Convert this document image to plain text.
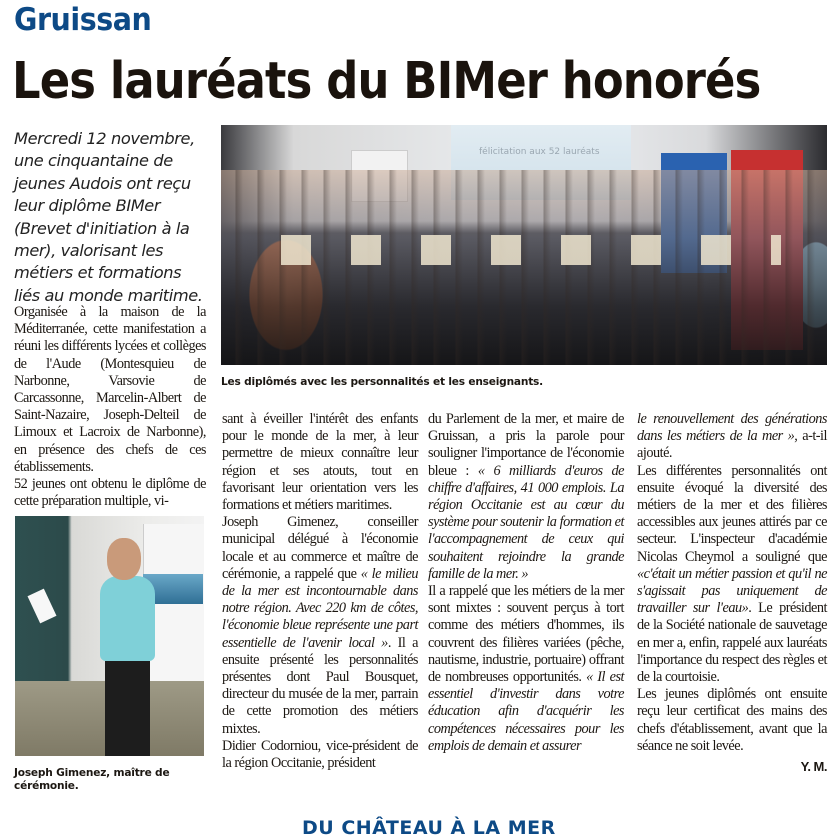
Gruissan
Les lauréats du BIMer honorés
Mercredi 12 novembre, une cinquantaine de jeunes Audois ont reçu leur diplôme BIMer (Brevet d'initiation à la mer), valorisant les métiers et formations liés au monde maritime.
félicitation aux 52 lauréats
Les diplômés avec les personnalités et les enseignants.

Organisée à la maison de la Méditerranée, cette manifestation a réuni les différents lycées et collèges de l'Aude (Montesquieu de Narbonne, Varsovie de Carcassonne, Marcelin-Albert de Saint-Nazaire, Joseph-Delteil de Limoux et Lacroix de Narbonne), en présence des chefs de ces établissements.

52 jeunes ont obtenu le diplôme de cette préparation multiple, vi-

Joseph Gimenez, maître de cérémonie.

sant à éveiller l'intérêt des enfants pour le monde de la mer, à leur permettre de mieux connaître leur région et ses atouts, tout en favorisant leur orientation vers les formations et métiers maritimes.

Joseph Gimenez, conseiller municipal délégué à l'économie locale et au commerce et maître de cérémonie, a rappelé que « le milieu de la mer est incontournable dans notre région. Avec 220 km de côtes, l'économie bleue représente une part essentielle de l'avenir local ». Il a ensuite présenté les personnalités présentes dont Paul Bousquet, directeur du musée de la mer, parrain de cette promotion des métiers mixtes.

Didier Codorniou, vice-président de la région Occitanie, président

du Parlement de la mer, et maire de Gruissan, a pris la parole pour souligner l'importance de l'économie bleue : « 6 milliards d'euros de chiffre d'affaires, 41 000 emplois. La région Occitanie est au cœur du système pour soutenir la formation et l'accompagnement de ceux qui souhaitent rejoindre la grande famille de la mer. »

Il a rappelé que les métiers de la mer sont mixtes : souvent perçus à tort comme des métiers d'hommes, ils couvrent des filières variées (pêche, nautisme, industrie, portuaire) offrant de nombreuses opportunités. « Il est essentiel d'investir dans votre éducation afin d'acquérir les compétences nécessaires pour les emplois de demain et assurer

le renouvellement des générations dans les métiers de la mer », a-t-il ajouté.

Les différentes personnalités ont ensuite évoqué la diversité des métiers de la mer et des filières accessibles aux jeunes attirés par ce secteur. L'inspecteur d'académie Nicolas Cheymol a souligné que «c'était un métier passion et qu'il ne s'agissait pas uniquement de travailler sur l'eau». Le président de la Société nationale de sauvetage en mer a, enfin, rappelé aux lauréats l'importance du respect des règles et de la courtoisie.

Les jeunes diplômés ont ensuite reçu leur certificat des mains des chefs d'établissement, avant que la séance ne soit levée.

Y. M.
DU CHÂTEAU À LA MER
